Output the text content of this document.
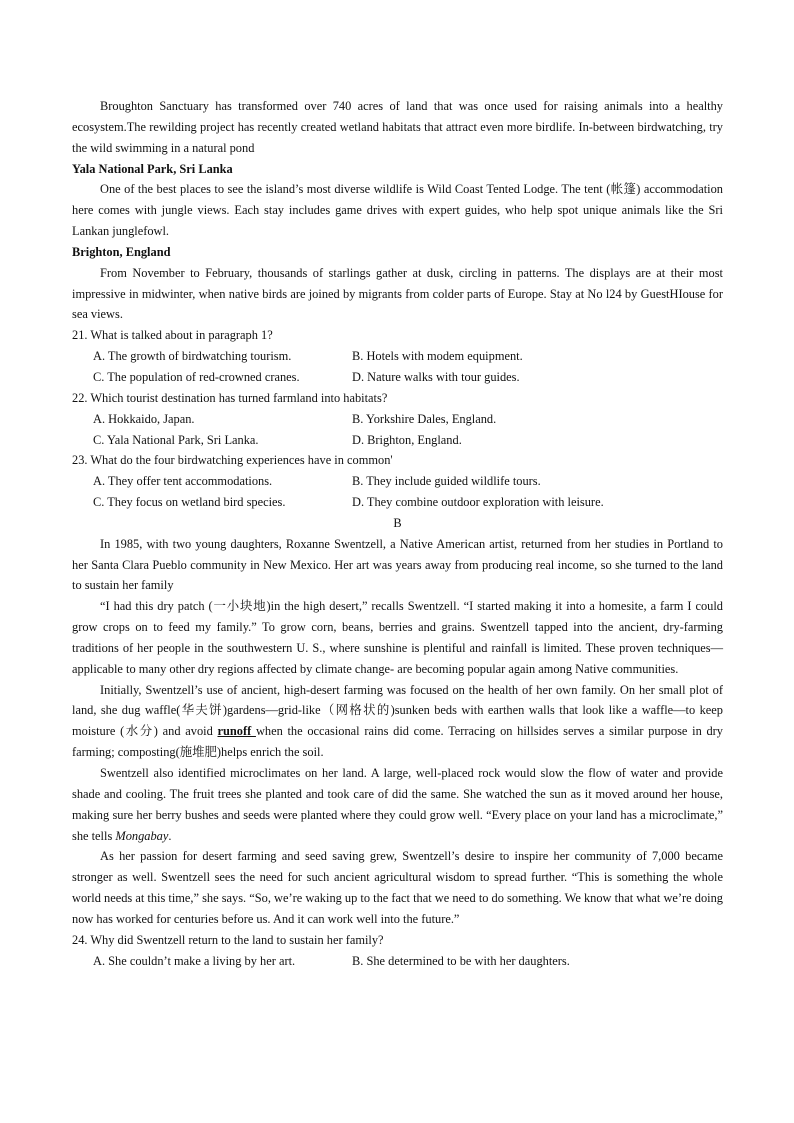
Broughton Sanctuary has transformed over 740 acres of land that was once used for raising animals into a healthy ecosystem.The rewilding project has recently created wetland habitats that attract even more birdlife. In-between birdwatching, try the wild swimming in a natural pond

Yala National Park, Sri Lanka

One of the best places to see the island’s most diverse wildlife is Wild Coast Tented Lodge. The tent (帐篷) accommodation here comes with jungle views. Each stay includes game drives with expert guides, who help spot unique animals like the Sri Lankan junglefowl.

Brighton, England

From November to February, thousands of starlings gather at dusk, circling in patterns. The displays are at their most impressive in midwinter, when native birds are joined by migrants from colder parts of Europe. Stay at No l24 by GuestHIouse for sea views.

21. What is talked about in paragraph 1?

A. The growth of birdwatching tourism.	B. Hotels with modem equipment.
C. The population of red-crowned cranes.	D. Nature walks with tour guides.

22. Which tourist destination has turned farmland into habitats?

A. Hokkaido, Japan.	B. Yorkshire Dales, England.
C. Yala National Park, Sri Lanka.	D. Brighton, England.

23. What do the four birdwatching experiences have in common'

A. They offer tent accommodations.	B. They include guided wildlife tours.
C. They focus on wetland bird species.	D. They combine outdoor exploration with leisure.

B

In 1985, with two young daughters, Roxanne Swentzell, a Native American artist, returned from her studies in Portland to her Santa Clara Pueblo community in New Mexico. Her art was years away from producing real income, so she turned to the land to sustain her family

“I had this dry patch (一小块地)in the high desert,” recalls Swentzell. “I started making it into a homesite, a farm I could grow crops on to feed my family.” To grow corn, beans, berries and grains. Swentzell tapped into the ancient, dry-farming traditions of her people in the southwestern U. S., where sunshine is plentiful and rainfall is limited. These proven techniques—applicable to many other dry regions affected by climate change- are becoming popular again among Native communities.

Initially, Swentzell’s use of ancient, high-desert farming was focused on the health of her own family. On her small plot of land, she dug waffle(华夫饼)gardens—grid-like（网格状的)sunken beds with earthen walls that look like a waffle—to keep moisture (水分) and avoid runoff when the occasional rains did come. Terracing on hillsides serves a similar purpose in dry farming; composting(施堆肥)helps enrich the soil.

Swentzell also identified microclimates on her land. A large, well-placed rock would slow the flow of water and provide shade and cooling. The fruit trees she planted and took care of did the same. She watched the sun as it moved around her house, making sure her berry bushes and seeds were planted where they could grow well. “Every place on your land has a microclimate,” she tells Mongabay.

As her passion for desert farming and seed saving grew, Swentzell’s desire to inspire her community of 7,000 became stronger as well. Swentzell sees the need for such ancient agricultural wisdom to spread further. “This is something the whole world needs at this time,” she says. “So, we’re waking up to the fact that we need to do something. We know that what we’re doing now has worked for centuries before us. And it can work well into the future.”

24. Why did Swentzell return to the land to sustain her family?

A. She couldn’t make a living by her art.	B. She determined to be with her daughters.
